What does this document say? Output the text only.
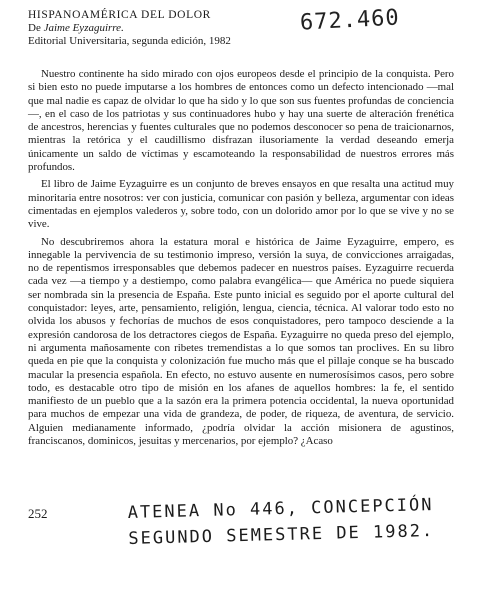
HISPANOAMÉRICA DEL DOLOR
De Jaime Eyzaguirre.
Editorial Universitaria, segunda edición, 1982
672.460

Nuestro continente ha sido mirado con ojos europeos desde el principio de la conquista. Pero si bien esto no puede imputarse a los hombres de entonces como un defecto intencionado —mal que mal nadie es capaz de olvidar lo que ha sido y lo que son sus fuentes profundas de conciencia—, en el caso de los patriotas y sus continuadores hubo y hay una suerte de alteración frenética de ancestros, herencias y fuentes culturales que no podemos desconocer so pena de traicionarnos, mientras la retórica y el caudillismo disfrazan ilusoriamente la verdad deseando emerja únicamente un saldo de víctimas y escamoteando la responsabilidad de nuestros errores más profundos.

El libro de Jaime Eyzaguirre es un conjunto de breves ensayos en que resalta una actitud muy minoritaria entre nosotros: ver con justicia, comunicar con pasión y belleza, argumentar con ideas cimentadas en ejemplos valederos y, sobre todo, con un dolorido amor por lo que se vive y no se vive.

No descubriremos ahora la estatura moral e histórica de Jaime Eyzaguirre, empero, es innegable la pervivencia de su testimonio impreso, versión la suya, de convicciones arraigadas, no de repentismos irresponsables que debemos padecer en nuestros países. Eyzaguirre recuerda cada vez —a tiempo y a destiempo, como palabra evangélica— que América no puede siquiera ser nombrada sin la presencia de España. Este punto inicial es seguido por el aporte cultural del conquistador: leyes, arte, pensamiento, religión, lengua, ciencia, técnica. Al valorar todo esto no olvida los abusos y fechorías de muchos de esos conquistadores, pero tampoco desciende a la expresión candorosa de los detractores ciegos de España. Eyzaguirre no queda preso del ejemplo, ni argumenta mañosamente con ribetes tremendistas a lo que somos tan proclives. En su libro queda en pie que la conquista y colonización fue mucho más que el pillaje conque se ha buscado macular la presencia española. En efecto, no estuvo ausente en numerosísimos casos, pero sobre todo, es destacable otro tipo de misión en los afanes de aquellos hombres: la fe, el sentido manifiesto de un pueblo que a la sazón era la primera potencia occidental, la nueva oportunidad para muchos de empezar una vida de grandeza, de poder, de riqueza, de aventura, de servicio. Alguien medianamente informado, ¿podría olvidar la acción misionera de agustinos, franciscanos, dominicos, jesuitas y mercenarios, por ejemplo? ¿Acaso

252	ATENEA No 446, CONCEPCIÓN
SEGUNDO SEMESTRE DE 1982.
